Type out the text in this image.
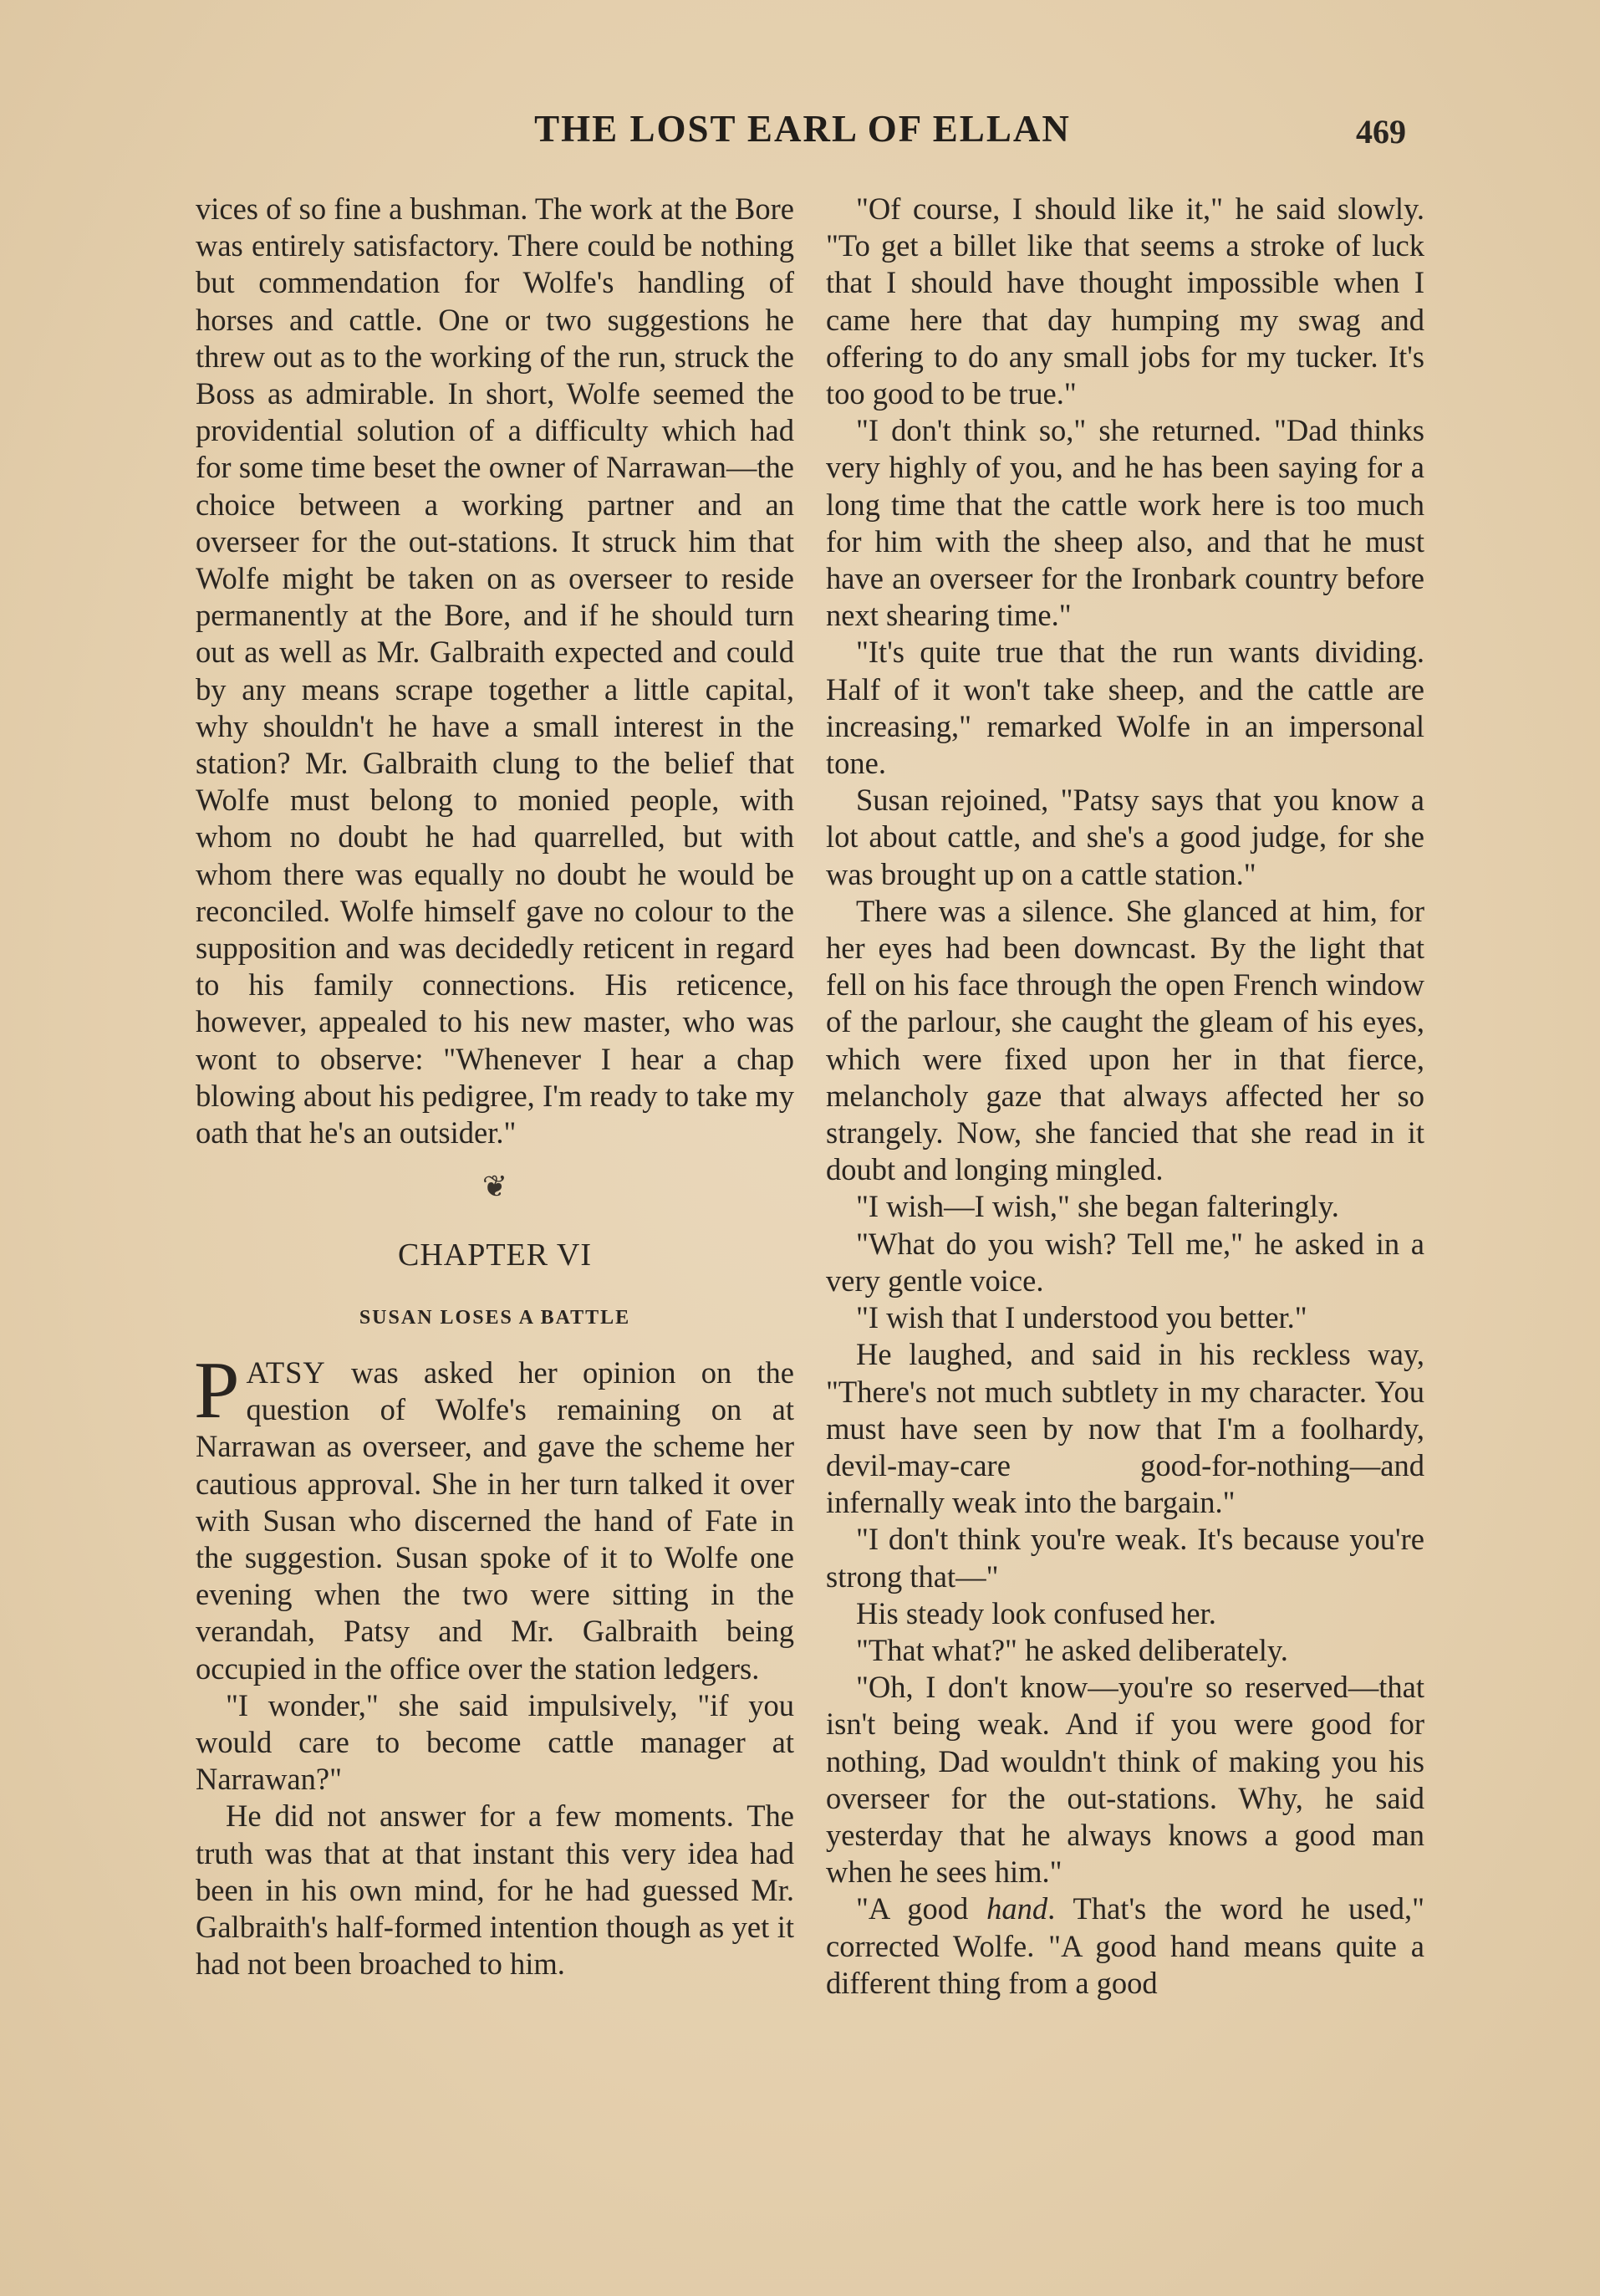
THE LOST EARL OF ELLAN	469

vices of so fine a bushman. The work at the Bore was entirely satisfactory. There could be nothing but commendation for Wolfe's handling of horses and cattle. One or two suggestions he threw out as to the working of the run, struck the Boss as admirable. In short, Wolfe seemed the providential solution of a difficulty which had for some time beset the owner of Narrawan—the choice between a working partner and an overseer for the out-stations. It struck him that Wolfe might be taken on as overseer to reside permanently at the Bore, and if he should turn out as well as Mr. Galbraith expected and could by any means scrape together a little capital, why shouldn't he have a small interest in the station? Mr. Galbraith clung to the belief that Wolfe must belong to monied people, with whom no doubt he had quarrelled, but with whom there was equally no doubt he would be reconciled. Wolfe himself gave no colour to the supposition and was decidedly reticent in regard to his family connections. His reticence, however, appealed to his new master, who was wont to observe: "Whenever I hear a chap blowing about his pedigree, I'm ready to take my oath that he's an outsider."

❦
CHAPTER VI
SUSAN LOSES A BATTLE

PATSY was asked her opinion on the question of Wolfe's remaining on at Narrawan as overseer, and gave the scheme her cautious approval. She in her turn talked it over with Susan who discerned the hand of Fate in the suggestion. Susan spoke of it to Wolfe one evening when the two were sitting in the verandah, Patsy and Mr. Galbraith being occupied in the office over the station ledgers.

"I wonder," she said impulsively, "if you would care to become cattle manager at Narrawan?"

He did not answer for a few moments. The truth was that at that instant this very idea had been in his own mind, for he had guessed Mr. Galbraith's half-formed intention though as yet it had not been broached to him.

"Of course, I should like it," he said slowly. "To get a billet like that seems a stroke of luck that I should have thought impossible when I came here that day humping my swag and offering to do any small jobs for my tucker. It's too good to be true."

"I don't think so," she returned. "Dad thinks very highly of you, and he has been saying for a long time that the cattle work here is too much for him with the sheep also, and that he must have an overseer for the Ironbark country before next shearing time."

"It's quite true that the run wants dividing. Half of it won't take sheep, and the cattle are increasing," remarked Wolfe in an impersonal tone.

Susan rejoined, "Patsy says that you know a lot about cattle, and she's a good judge, for she was brought up on a cattle station."

There was a silence. She glanced at him, for her eyes had been downcast. By the light that fell on his face through the open French window of the parlour, she caught the gleam of his eyes, which were fixed upon her in that fierce, melancholy gaze that always affected her so strangely. Now, she fancied that she read in it doubt and longing mingled.

"I wish—I wish," she began falteringly.

"What do you wish? Tell me," he asked in a very gentle voice.

"I wish that I understood you better."

He laughed, and said in his reckless way, "There's not much subtlety in my character. You must have seen by now that I'm a foolhardy, devil-may-care good-for-nothing—and infernally weak into the bargain."

"I don't think you're weak. It's because you're strong that—"

His steady look confused her.

"That what?" he asked deliberately.

"Oh, I don't know—you're so reserved—that isn't being weak. And if you were good for nothing, Dad wouldn't think of making you his overseer for the out-stations. Why, he said yesterday that he always knows a good man when he sees him."

"A good hand. That's the word he used," corrected Wolfe. "A good hand means quite a different thing from a good
